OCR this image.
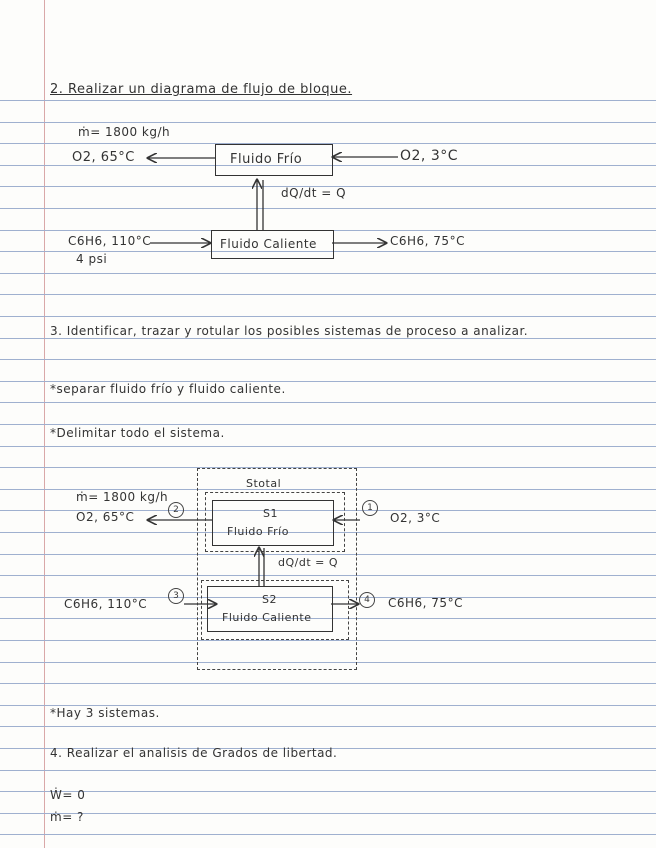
2. Realizar un diagrama de flujo de bloque.
ṁ= 1800 kg/h
O2, 65°C	Fluido Frío	O2, 3°C
dQ/dt = Q
C6H6, 110°C
4 psi
Fluido Caliente	C6H6, 75°C
3. Identificar, trazar y rotular los posibles sistemas de proceso a analizar.
*separar fluido frío y fluido caliente.
*Delimitar todo el sistema.
Stotal
ṁ= 1800 kg/h
O2, 65°C	2	S1
Fluido Frío
1
O2, 3°C
dQ/dt = Q
C6H6, 110°C
3	S2
Fluido Caliente
4	C6H6, 75°C
*Hay 3 sistemas.
4. Realizar el analisis de Grados de libertad.
Ẇ= 0
ṁ= ?
